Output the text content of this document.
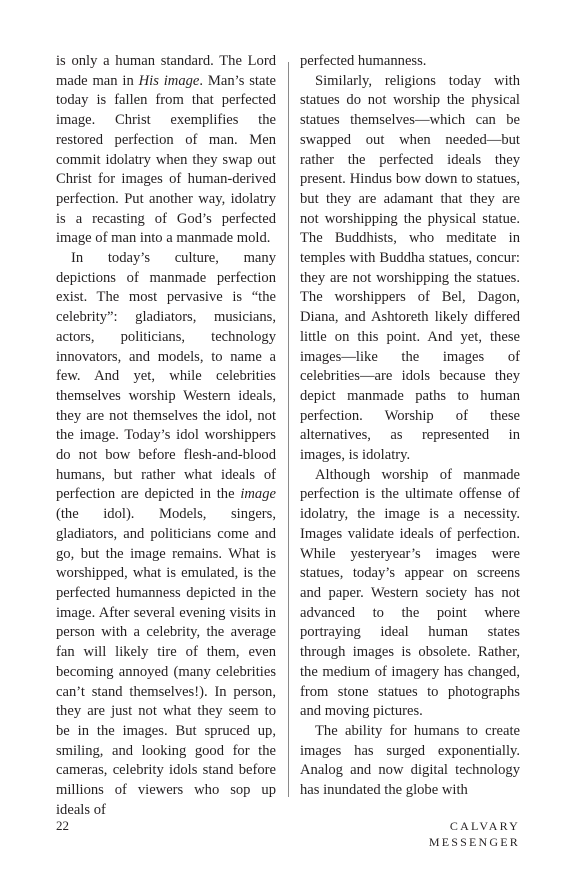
is only a human standard. The Lord made man in His image. Man’s state today is fallen from that perfected image. Christ exemplifies the restored perfection of man. Men commit idolatry when they swap out Christ for images of human-derived perfection. Put another way, idolatry is a recasting of God’s perfected image of man into a manmade mold.

In today’s culture, many depictions of manmade perfection exist. The most pervasive is “the celebrity”: gladiators, musicians, actors, politicians, technology innovators, and models, to name a few. And yet, while celebrities themselves worship Western ideals, they are not themselves the idol, not the image. Today’s idol worshippers do not bow before flesh-and-blood humans, but rather what ideals of perfection are depicted in the image (the idol). Models, singers, gladiators, and politicians come and go, but the image remains. What is worshipped, what is emulated, is the perfected humanness depicted in the image. After several evening visits in person with a celebrity, the average fan will likely tire of them, even becoming annoyed (many celebrities can’t stand themselves!). In person, they are just not what they seem to be in the images. But spruced up, smiling, and looking good for the cameras, celebrity idols stand before millions of viewers who sop up ideals of

perfected humanness.

Similarly, religions today with statues do not worship the physical statues themselves—which can be swapped out when needed—but rather the perfected ideals they present. Hindus bow down to statues, but they are adamant that they are not worshipping the physical statue. The Buddhists, who meditate in temples with Buddha statues, concur: they are not worshipping the statues. The worshippers of Bel, Dagon, Diana, and Ashtoreth likely differed little on this point. And yet, these images—like the images of celebrities—are idols because they depict manmade paths to human perfection. Worship of these alternatives, as represented in images, is idolatry.

Although worship of manmade perfection is the ultimate offense of idolatry, the image is a necessity. Images validate ideals of perfection. While yesteryear’s images were statues, today’s appear on screens and paper. Western society has not advanced to the point where portraying ideal human states through images is obsolete. Rather, the medium of imagery has changed, from stone statues to photographs and moving pictures.

The ability for humans to create images has surged exponentially. Analog and now digital technology has inundated the globe with

22	CALVARY MESSENGER
